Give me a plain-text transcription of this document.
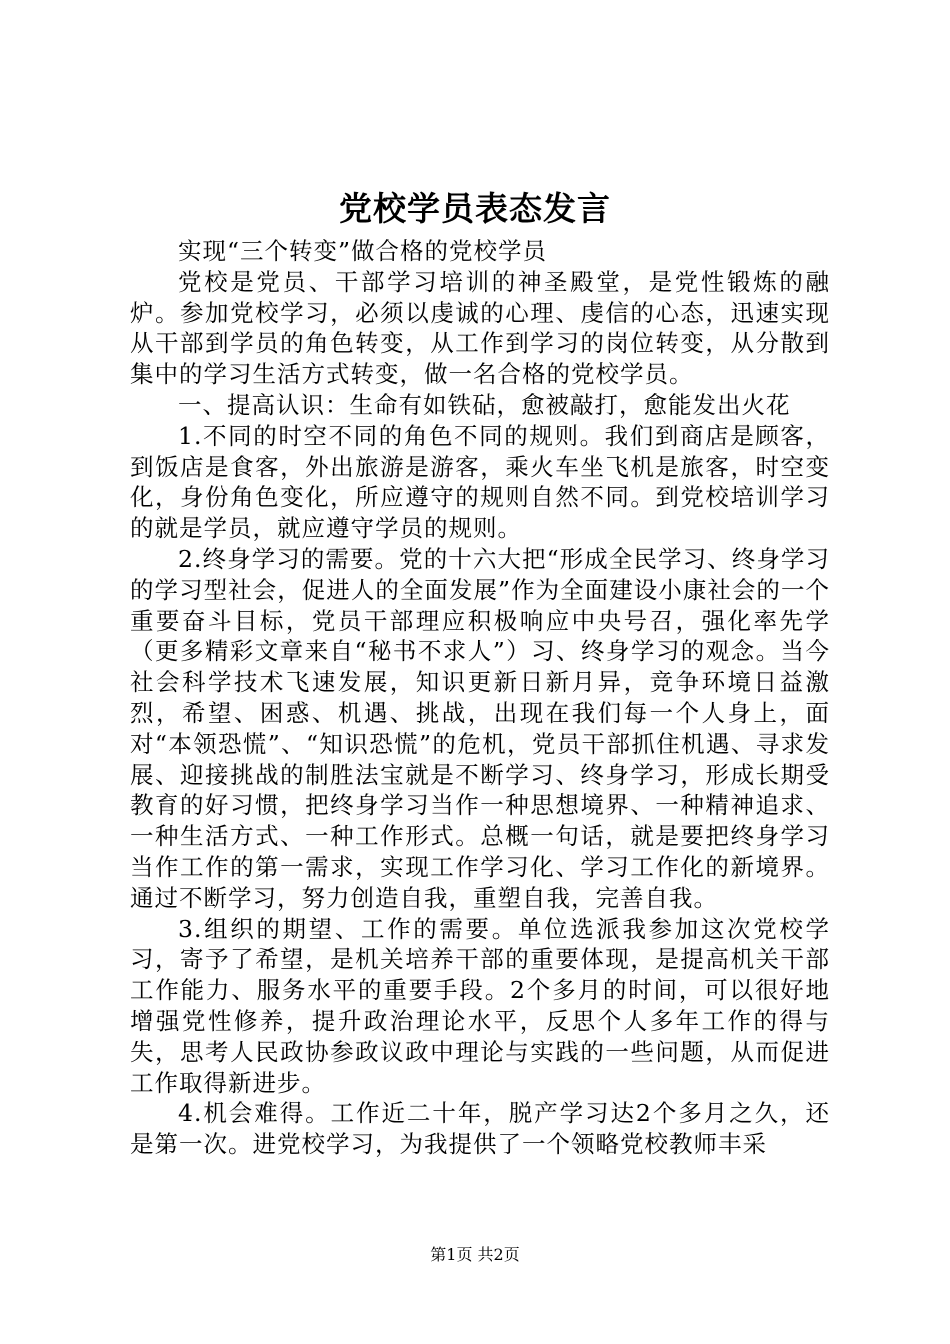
党校学员表态发言

实现“三个转变”做合格的党校学员

党校是党员、干部学习培训的神圣殿堂，是党性锻炼的融炉。参加党校学习，必须以虔诚的心理、虔信的心态，迅速实现从干部到学员的角色转变，从工作到学习的岗位转变，从分散到集中的学习生活方式转变，做一名合格的党校学员。

一、提高认识：生命有如铁砧，愈被敲打，愈能发出火花

1.不同的时空不同的角色不同的规则。我们到商店是顾客，到饭店是食客，外出旅游是游客，乘火车坐飞机是旅客，时空变化，身份角色变化，所应遵守的规则自然不同。到党校培训学习的就是学员，就应遵守学员的规则。

2.终身学习的需要。党的十六大把“形成全民学习、终身学习的学习型社会，促进人的全面发展”作为全面建设小康社会的一个重要奋斗目标，党员干部理应积极响应中央号召，强化率先学（更多精彩文章来自“秘书不求人”）习、终身学习的观念。当今社会科学技术飞速发展，知识更新日新月异，竞争环境日益激烈，希望、困惑、机遇、挑战，出现在我们每一个人身上，面对“本领恐慌”、“知识恐慌”的危机，党员干部抓住机遇、寻求发展、迎接挑战的制胜法宝就是不断学习、终身学习，形成长期受教育的好习惯，把终身学习当作一种思想境界、一种精神追求、一种生活方式、一种工作形式。总概一句话，就是要把终身学习当作工作的第一需求，实现工作学习化、学习工作化的新境界。通过不断学习，努力创造自我，重塑自我，完善自我。

3.组织的期望、工作的需要。单位选派我参加这次党校学习，寄予了希望，是机关培养干部的重要体现，是提高机关干部工作能力、服务水平的重要手段。2个多月的时间，可以很好地增强党性修养，提升政治理论水平，反思个人多年工作的得与失，思考人民政协参政议政中理论与实践的一些问题，从而促进工作取得新进步。

4.机会难得。工作近二十年，脱产学习达2个多月之久，还是第一次。进党校学习，为我提供了一个领略党校教师丰采

第1页 共2页
